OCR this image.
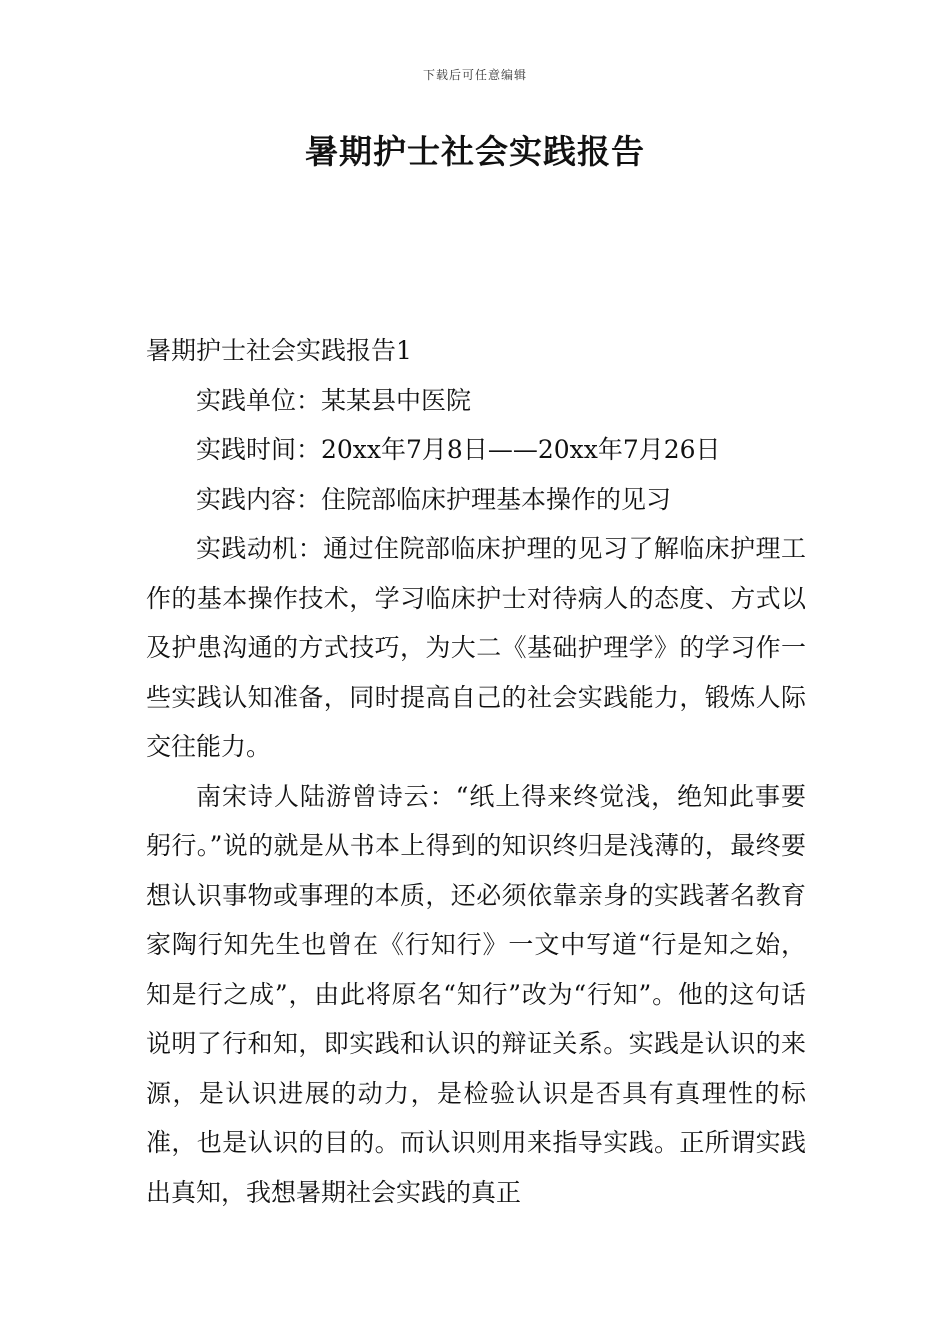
下载后可任意编辑
暑期护士社会实践报告

暑期护士社会实践报告1

实践单位：某某县中医院

实践时间：20xx年7月8日——20xx年7月26日

实践内容：住院部临床护理基本操作的见习

实践动机：通过住院部临床护理的见习了解临床护理工作的基本操作技术，学习临床护士对待病人的态度、方式以及护患沟通的方式技巧，为大二《基础护理学》的学习作一些实践认知准备，同时提高自己的社会实践能力，锻炼人际交往能力。

南宋诗人陆游曾诗云：“纸上得来终觉浅，绝知此事要躬行。”说的就是从书本上得到的知识终归是浅薄的，最终要想认识事物或事理的本质，还必须依靠亲身的实践著名教育家陶行知先生也曾在《行知行》一文中写道“行是知之始，知是行之成”，由此将原名“知行”改为“行知”。他的这句话说明了行和知，即实践和认识的辩证关系。实践是认识的来源，是认识进展的动力，是检验认识是否具有真理性的标准，也是认识的目的。而认识则用来指导实践。正所谓实践出真知，我想暑期社会实践的真正
